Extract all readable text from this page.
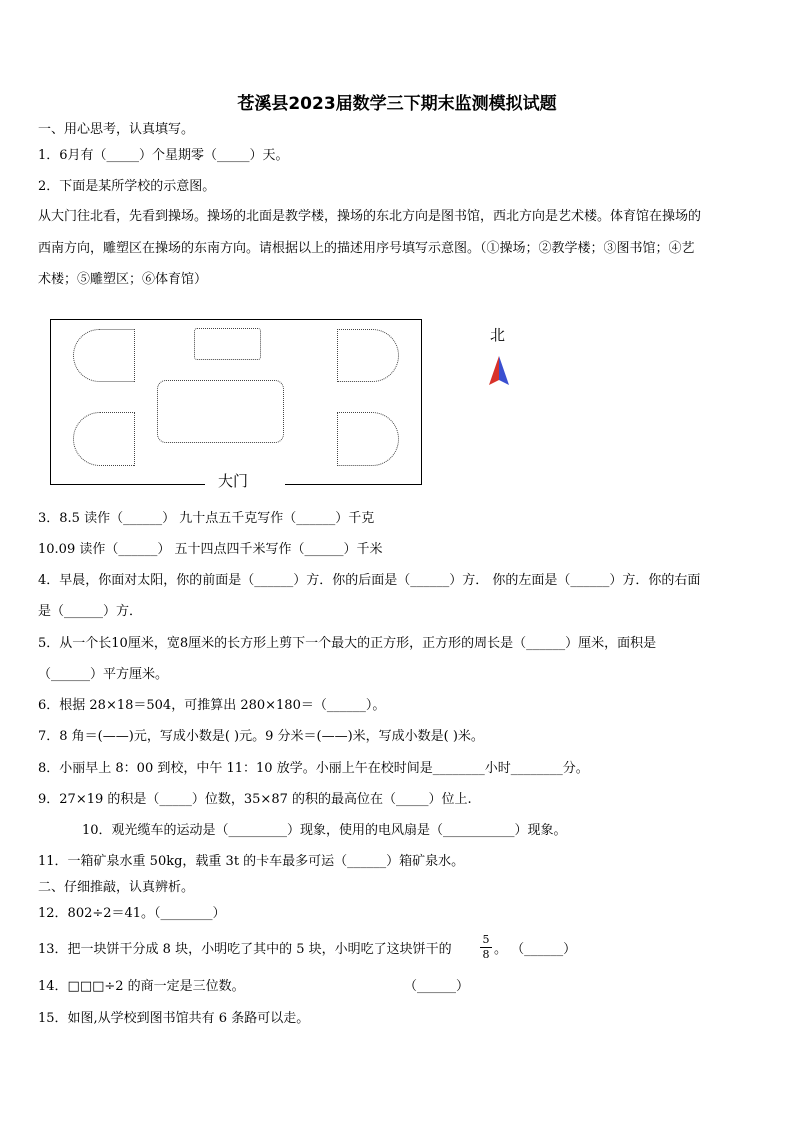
苍溪县2023届数学三下期末监测模拟试题
一、用心思考，认真填写。
1．6月有（_____）个星期零（_____）天。
2．下面是某所学校的示意图。
从大门往北看，先看到操场。操场的北面是教学楼，操场的东北方向是图书馆，西北方向是艺术楼。体育馆在操场的
西南方向，雕塑区在操场的东南方向。请根据以上的描述用序号填写示意图。（①操场；②教学楼；③图书馆；④艺
术楼；⑤雕塑区；⑥体育馆）
大门
北
3．8.5 读作（______） 九十点五千克写作（______）千克
10.09 读作（______） 五十四点四千米写作（______）千米
4．早晨，你面对太阳，你的前面是（______）方．你的后面是（______）方． 你的左面是（______）方．你的右面
是（______）方．
5．从一个长10厘米，宽8厘米的长方形上剪下一个最大的正方形，正方形的周长是（______）厘米，面积是
（______）平方厘米。
6．根据 28×18＝504，可推算出 280×180＝（______）。
7．8 角＝(——)元，写成小数是( )元。9 分米＝(——)米，写成小数是( )米。
8．小丽早上 8：00 到校，中午 11：10 放学。小丽上午在校时间是________小时________分。
9．27×19 的积是（_____）位数，35×87 的积的最高位在（_____）位上.
10．观光缆车的运动是（_________）现象，使用的电风扇是（___________）现象。
11．一箱矿泉水重 50kg，载重 3t 的卡车最多可运（______）箱矿泉水。
二、仔细推敲，认真辨析。
12．802÷2＝41。（________）
13．把一块饼干分成 8 块，小明吃了其中的 5 块，小明吃了这块饼干的
5
8 。 （______）
14．□□□÷2 的商一定是三位数。	（______）
15．如图,从学校到图书馆共有 6 条路可以走。
